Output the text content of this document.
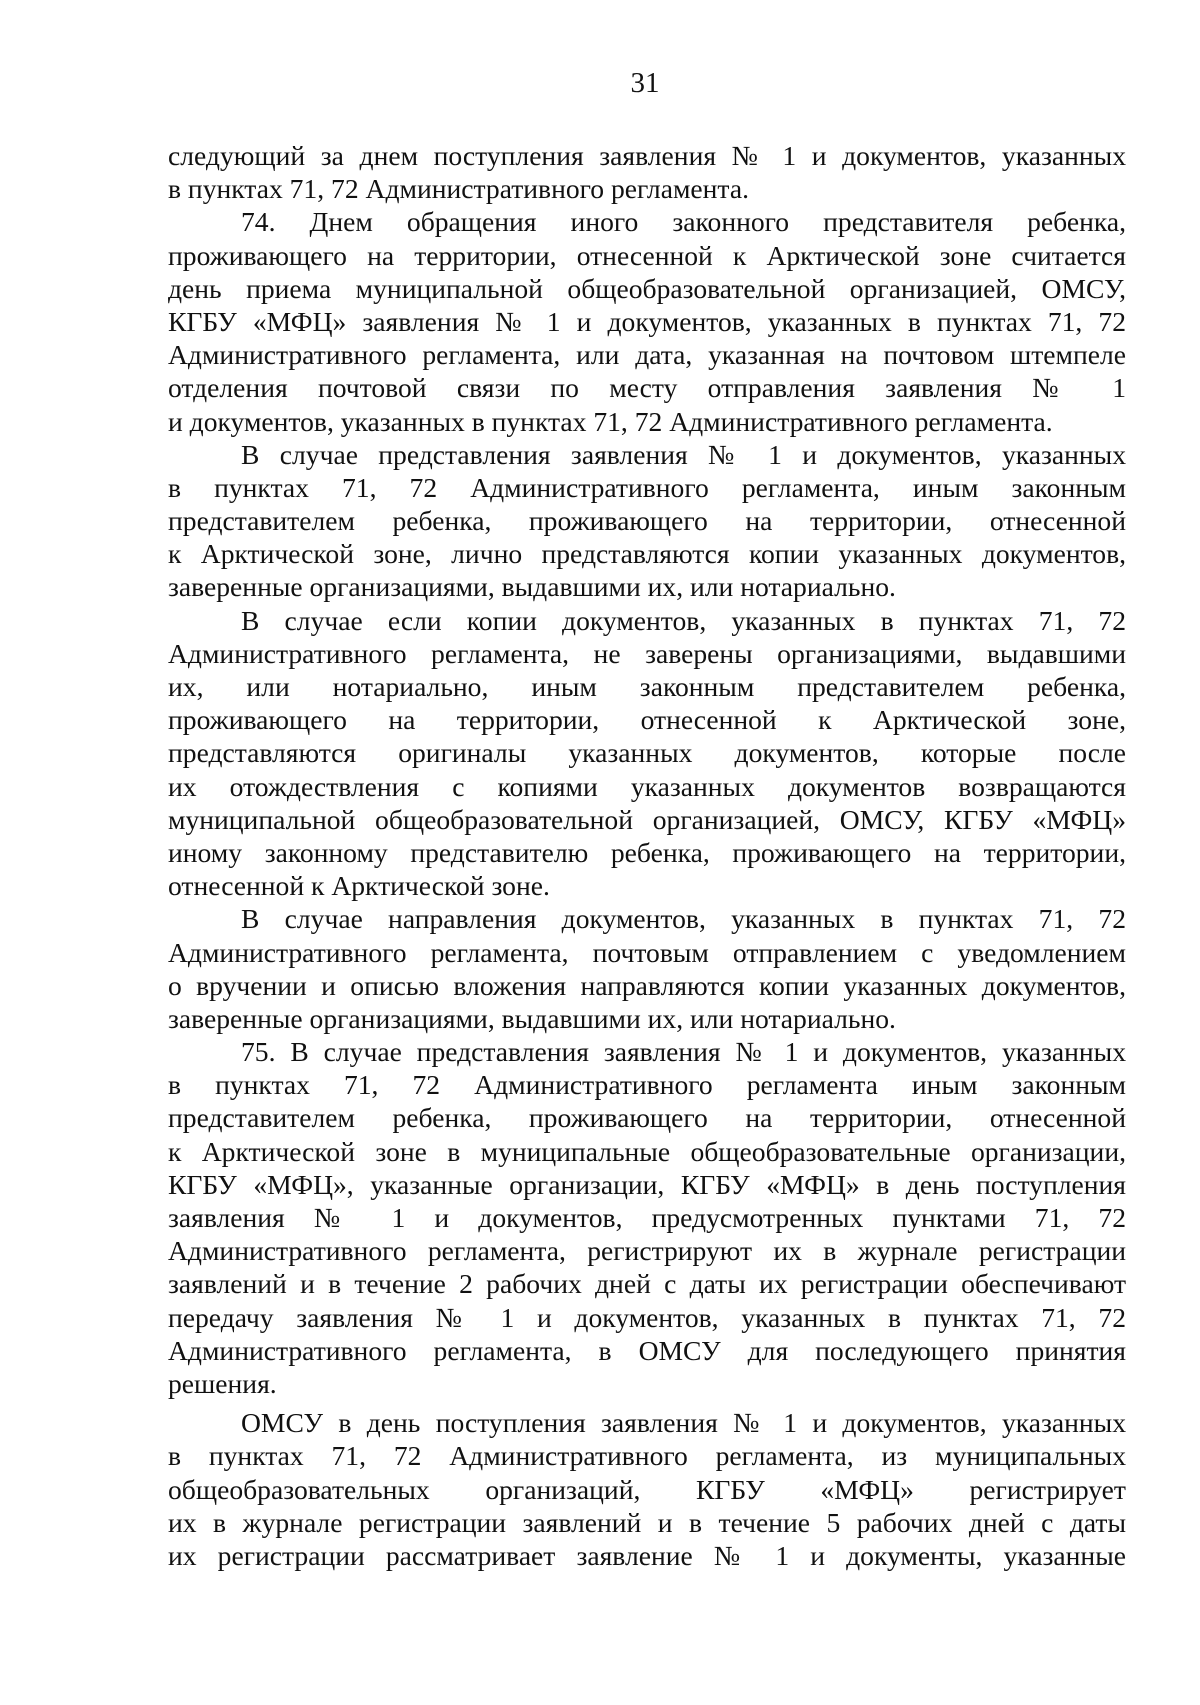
31
следующий за днем поступления заявления № 1 и документов, указанных
в пунктах 71, 72 Административного регламента.
74. Днем обращения иного законного представителя ребенка,
проживающего на территории, отнесенной к Арктической зоне считается
день приема муниципальной общеобразовательной организацией, ОМСУ,
КГБУ «МФЦ» заявления № 1 и документов, указанных в пунктах 71, 72
Административного регламента, или дата, указанная на почтовом штемпеле
отделения почтовой связи по месту отправления заявления № 1
и документов, указанных в пунктах 71, 72 Административного регламента.
В случае представления заявления № 1 и документов, указанных
в пунктах 71, 72 Административного регламента, иным законным
представителем ребенка, проживающего на территории, отнесенной
к Арктической зоне, лично представляются копии указанных документов,
заверенные организациями, выдавшими их, или нотариально.
В случае если копии документов, указанных в пунктах 71, 72
Административного регламента, не заверены организациями, выдавшими
их, или нотариально, иным законным представителем ребенка,
проживающего на территории, отнесенной к Арктической зоне,
представляются оригиналы указанных документов, которые после
их отождествления с копиями указанных документов возвращаются
муниципальной общеобразовательной организацией, ОМСУ, КГБУ «МФЦ»
иному законному представителю ребенка, проживающего на территории,
отнесенной к Арктической зоне.
В случае направления документов, указанных в пунктах 71, 72
Административного регламента, почтовым отправлением с уведомлением
о вручении и описью вложения направляются копии указанных документов,
заверенные организациями, выдавшими их, или нотариально.
75. В случае представления заявления № 1 и документов, указанных
в пунктах 71, 72 Административного регламента иным законным
представителем ребенка, проживающего на территории, отнесенной
к Арктической зоне в муниципальные общеобразовательные организации,
КГБУ «МФЦ», указанные организации, КГБУ «МФЦ» в день поступления
заявления № 1 и документов, предусмотренных пунктами 71, 72
Административного регламента, регистрируют их в журнале регистрации
заявлений и в течение 2 рабочих дней с даты их регистрации обеспечивают
передачу заявления № 1 и документов, указанных в пунктах 71, 72
Административного регламента, в ОМСУ для последующего принятия
решения.
ОМСУ в день поступления заявления № 1 и документов, указанных
в пунктах 71, 72 Административного регламента, из муниципальных
общеобразовательных организаций, КГБУ «МФЦ» регистрирует
их в журнале регистрации заявлений и в течение 5 рабочих дней с даты
их регистрации рассматривает заявление № 1 и документы, указанные
